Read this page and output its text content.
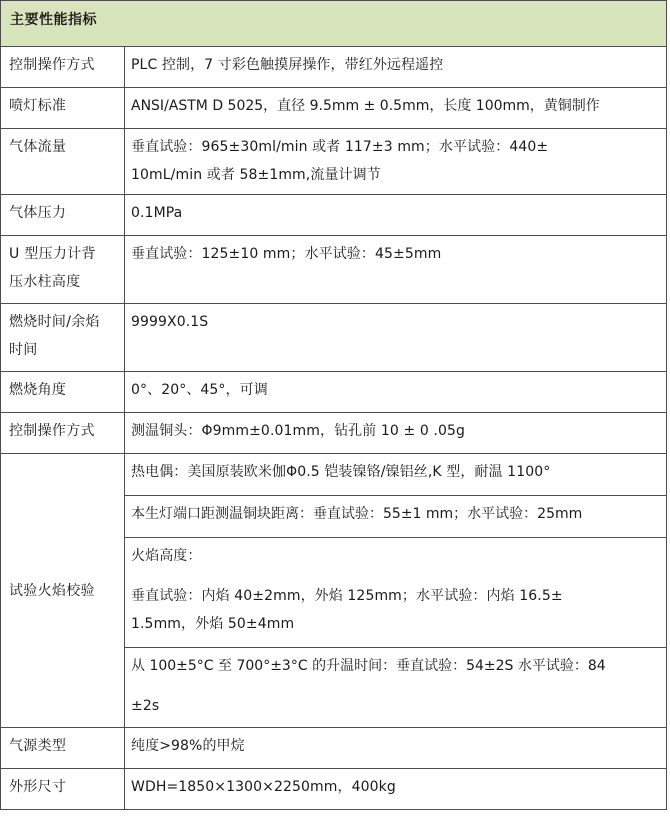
主要性能指标	
控制操作方式	PLC 控制，7 寸彩色触摸屏操作，带红外远程遥控
喷灯标准	ANSI/ASTM D 5025，直径 9.5mm ± 0.5mm，长度 100mm，黄铜制作

气体流量	垂直试验：965±30ml/min 或者 117±3 mm；水平试验：440±
10mL/min 或者 58±1mm,流量计调节

气体压力	0.1MPa

U 型压力计背
压水柱高度	垂直试验：125±10 mm；水平试验：45±5mm

燃烧时间/余焰
时间	9999X0.1S
燃烧角度	0°、20°、45°，可调
控制操作方式	测温铜头：Φ9mm±0.01mm，钻孔前 10 ± 0 .05g
试验火焰校验	热电偶：美国原装欧米伽Φ0.5 铠装镍铬/镍铝丝,K 型，耐温 1100°

	本生灯端口距测温铜块距离：垂直试验：55±1 mm；水平试验：25mm

	火焰高度：
垂直试验：内焰 40±2mm，外焰 125mm；水平试验：内焰 16.5±
1.5mm，外焰 50±4mm

	从 100±5°C 至 700°±3°C 的升温时间：垂直试验：54±2S 水平试验：84
±2s

气源类型	纯度>98%的甲烷
外形尺寸	WDH=1850×1300×2250mm，400kg
